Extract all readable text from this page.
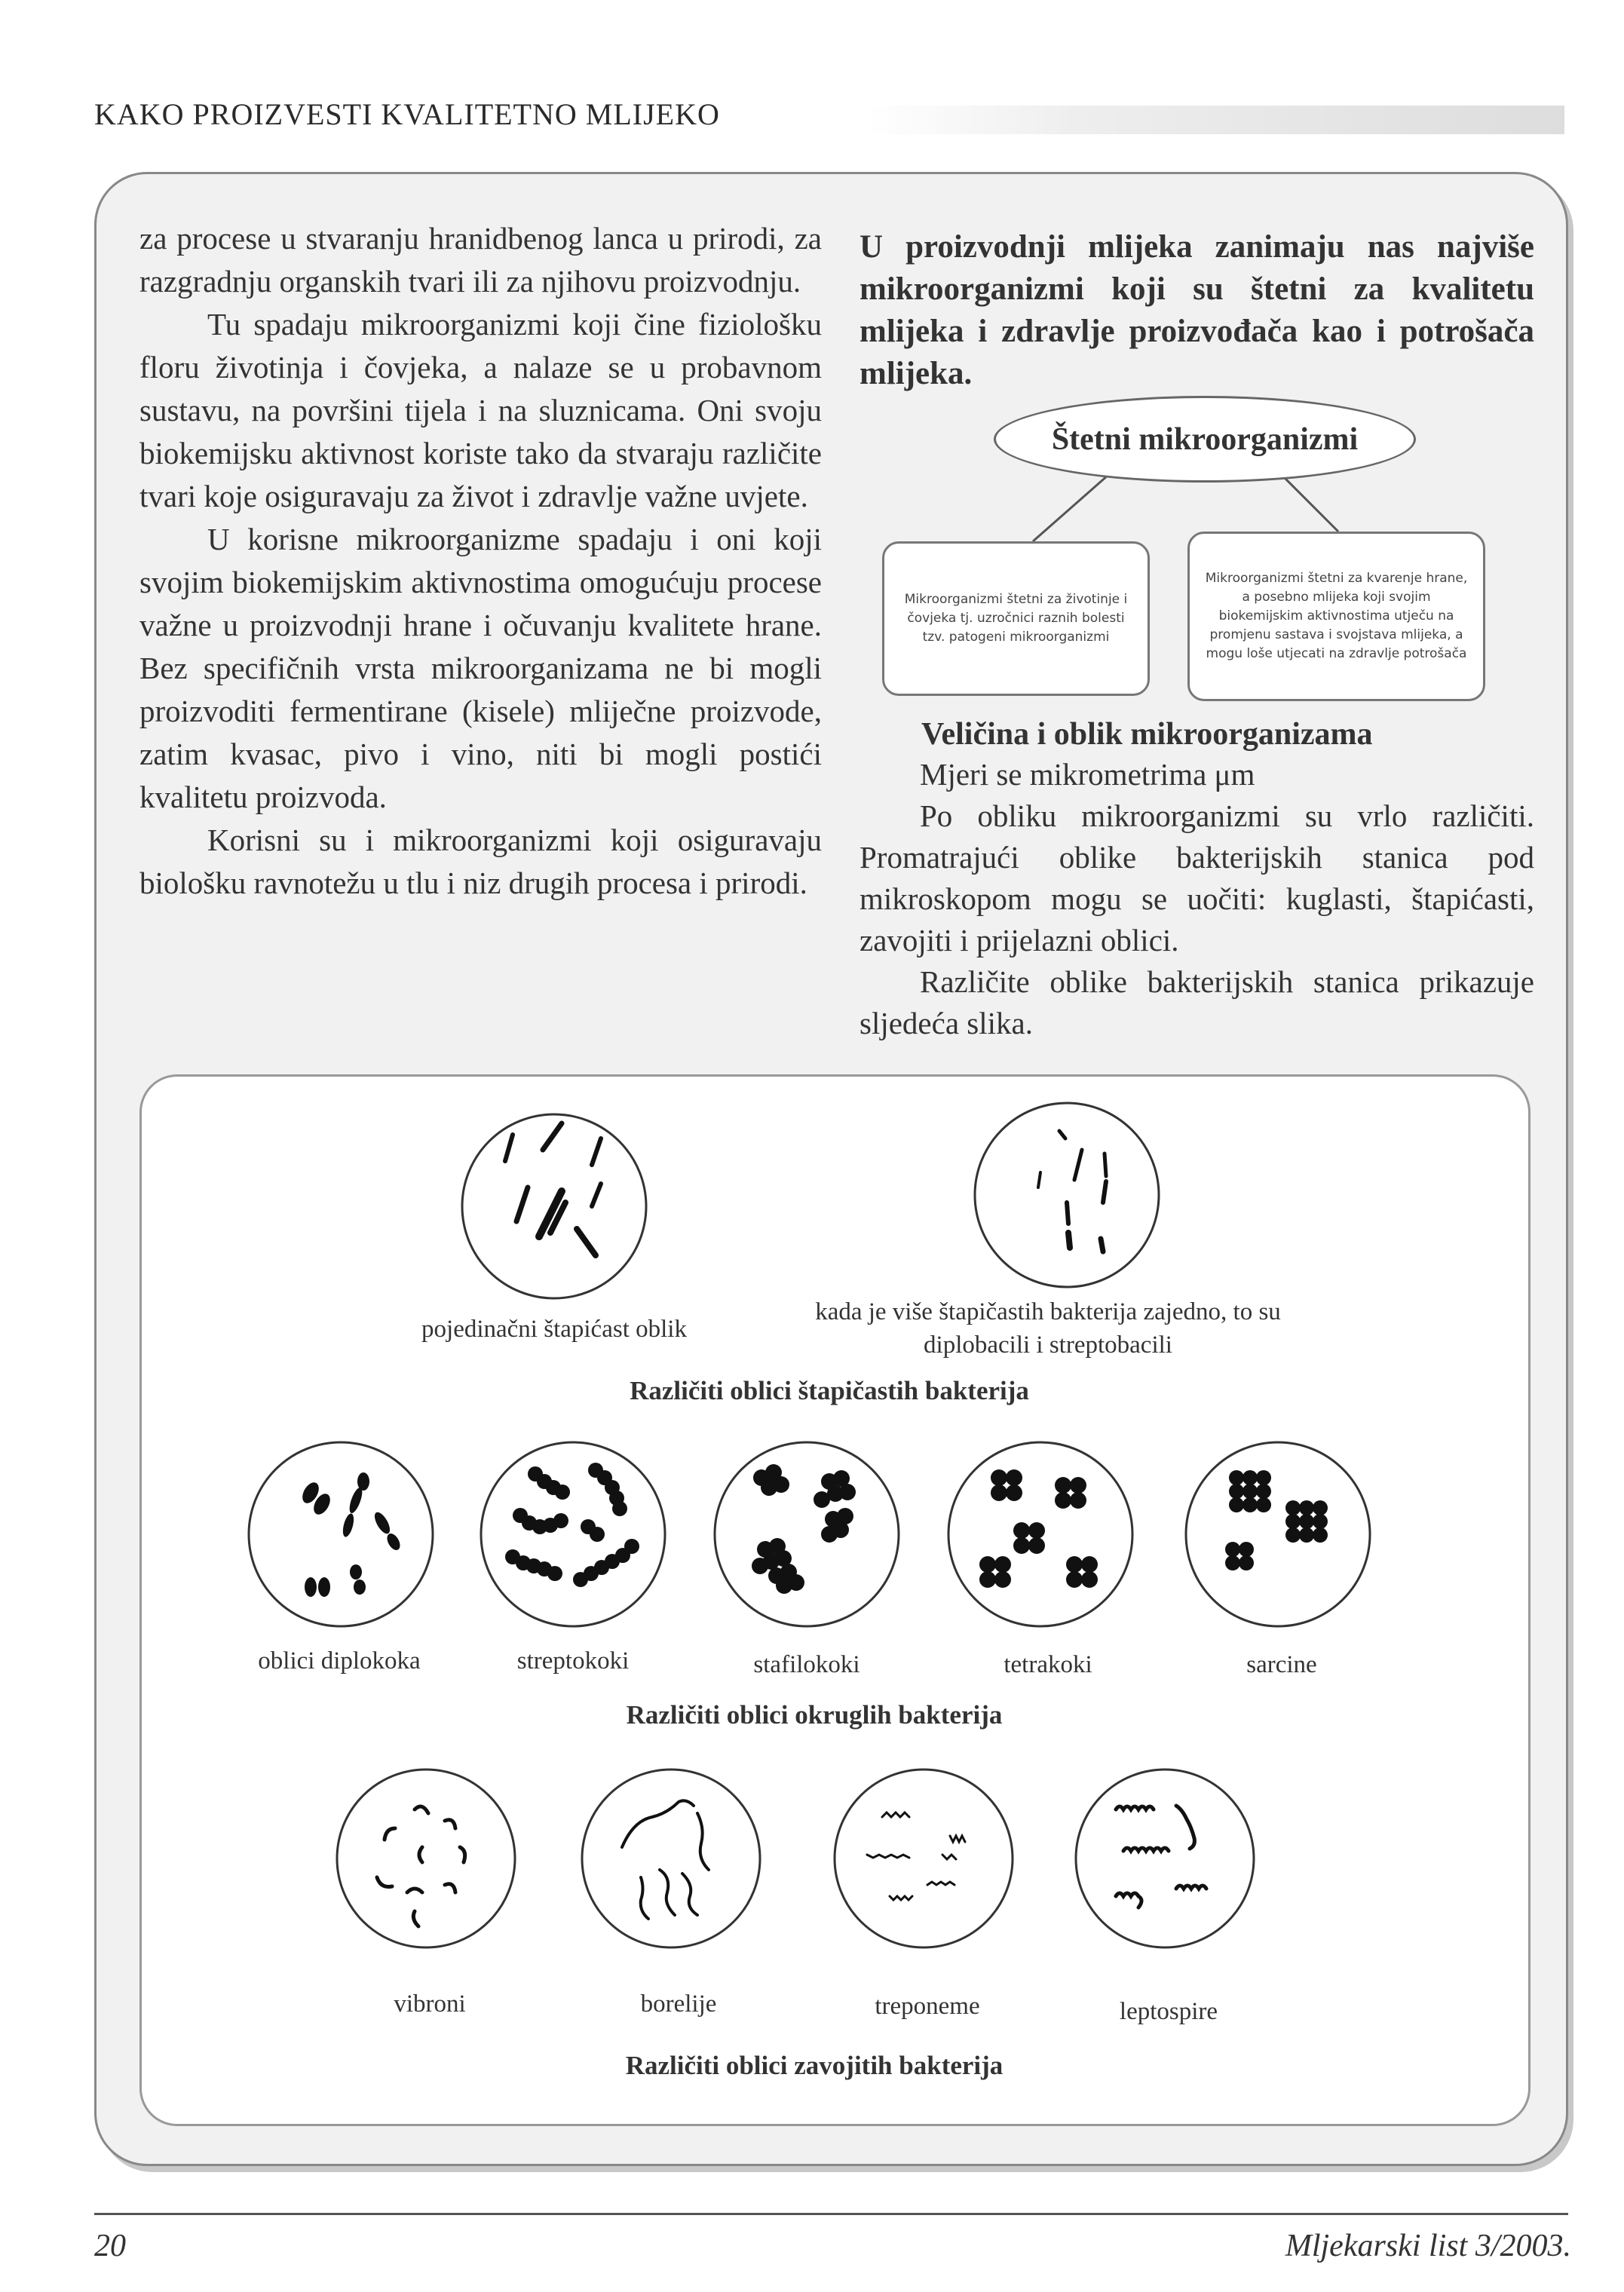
KAKO PROIZVESTI KVALITETNO MLIJEKO

za procese u stvaranju hranidbenog lanca u prirodi, za razgradnju organskih tvari ili za njihovu proizvodnju.

Tu spadaju mikroorganizmi koji čine fiziološku floru životinja i čovjeka, a nalaze se u probavnom sustavu, na površini tijela i na sluznicama. Oni svoju biokemijsku aktivnost koriste tako da stvaraju različite tvari koje osiguravaju za život i zdravlje važne uvjete.

U korisne mikroorganizme spadaju i oni koji svojim biokemijskim aktivnostima omogućuju procese važne u proizvodnji hrane i očuvanju kvalitete hrane. Bez specifičnih vrsta mikroorganizama ne bi mogli proizvoditi fermentirane (kisele) mliječne proizvode, zatim kvasac, pivo i vino, niti bi mogli postići kvalitetu proizvoda.

Korisni su i mikroorganizmi koji osiguravaju biološku ravnotežu u tlu i niz drugih procesa i prirodi.

U proizvodnji mlijeka zanimaju nas najviše mikroorganizmi koji su štetni za kvalitetu mlijeka i zdravlje proizvođača kao i potrošača mlijeka.
Štetni mikroorganizmi
Mikroorganizmi štetni za životinje i čovjeka tj. uzročnici raznih bolesti tzv. patogeni mikroorganizmi
Mikroorganizmi štetni za kvarenje hrane, a posebno mlijeka koji svojim biokemijskim aktivnostima utječu na promjenu sastava i svojstava mlijeka, a mogu loše utjecati na zdravlje potrošača
Veličina i oblik mikroorganizama

Mjeri se mikrometrima μm

Po obliku mikroorganizmi su vrlo različiti. Promatrajući oblike bakterijskih stanica pod mikroskopom mogu se uočiti: kuglasti, štapićasti, zavojiti i prijelazni oblici.

Različite oblike bakterijskih stanica prikazuje sljedeća slika.

pojedinačni štapićast oblik
kada je više štapičastih bakterija zajedno, to su diplobacili i streptobacili
Različiti oblici štapičastih bakterija
oblici diplokoka	streptokoki	stafilokoki	tetrakoki	sarcine
Različiti oblici okruglih bakterija
vibroni	borelije	treponeme	leptospire
Različiti oblici zavojitih bakterija
20	Mljekarski list 3/2003.
